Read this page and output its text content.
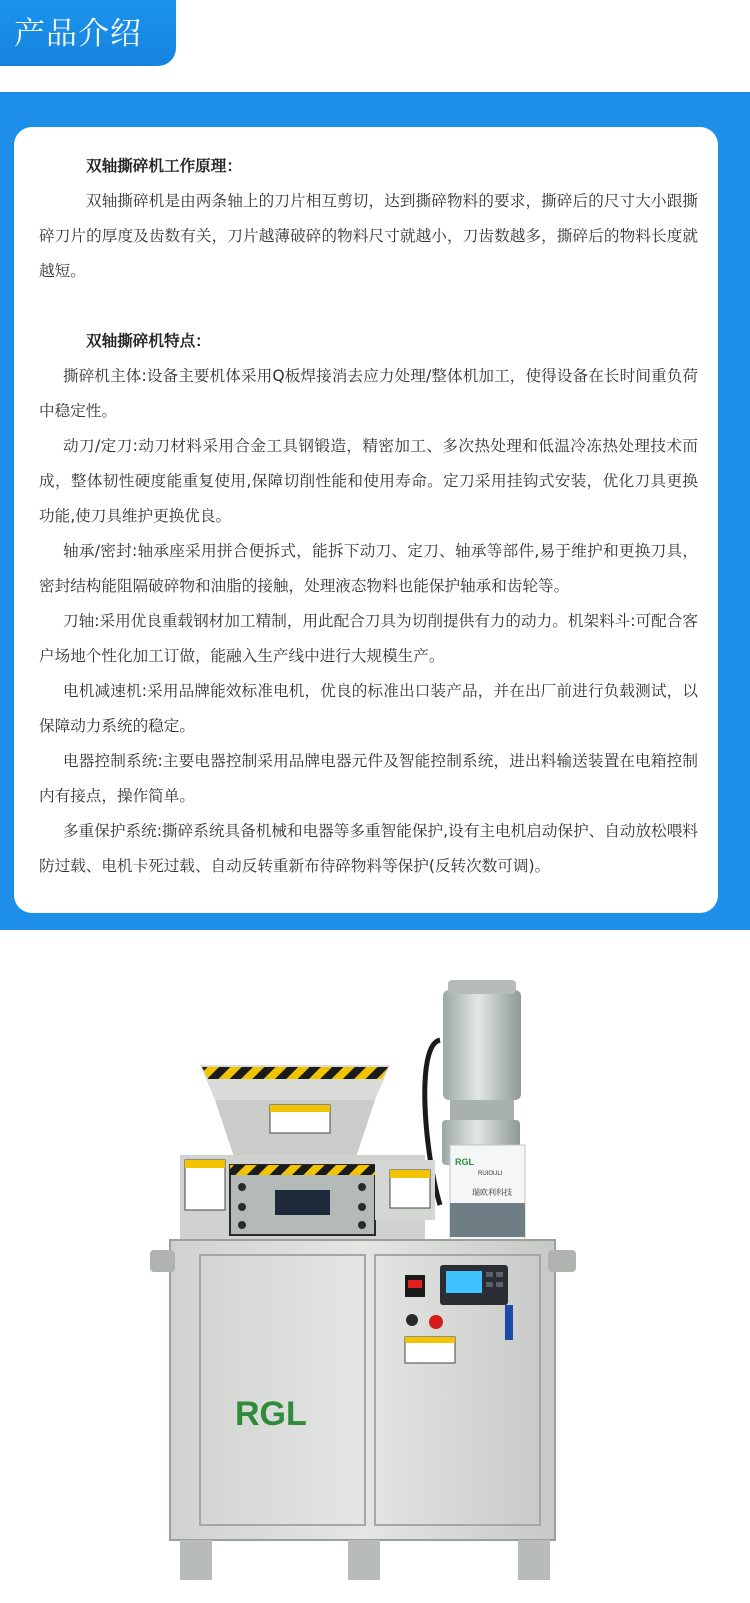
产品介绍
双轴撕碎机工作原理：

双轴撕碎机是由两条轴上的刀片相互剪切，达到撕碎物料的要求，撕碎后的尺寸大小跟撕碎刀片的厚度及齿数有关，刀片越薄破碎的物料尺寸就越小，刀齿数越多，撕碎后的物料长度就越短。

双轴撕碎机特点：

撕碎机主体:设备主要机体采用Q板焊接消去应力处理/整体机加工，使得设备在长时间重负荷中稳定性。

动刀/定刀:动刀材料采用合金工具钢锻造，精密加工、多次热处理和低温冷冻热处理技术而成，整体韧性硬度能重复使用,保障切削性能和使用寿命。定刀采用挂钩式安装，优化刀具更换功能,使刀具维护更换优良。

轴承/密封:轴承座采用拼合便拆式，能拆下动刀、定刀、轴承等部件,易于维护和更换刀具，密封结构能阻隔破碎物和油脂的接触，处理液态物料也能保护轴承和齿轮等。

刀轴:采用优良重载钢材加工精制，用此配合刀具为切削提供有力的动力。机架料斗:可配合客户场地个性化加工订做，能融入生产线中进行大规模生产。

电机减速机:采用品牌能效标准电机，优良的标准出口装产品，并在出厂前进行负载测试，以保障动力系统的稳定。

电器控制系统:主要电器控制采用品牌电器元件及智能控制系统，进出料输送装置在电箱控制内有接点，操作简单。

多重保护系统:撕碎系统具备机械和电器等多重智能保护,设有主电机启动保护、自动放松喂料防过载、电机卡死过载、自动反转重新布待碎物料等保护(反转次数可调)。

RGL
RUIOULI
瑞欧利科技
RGL
